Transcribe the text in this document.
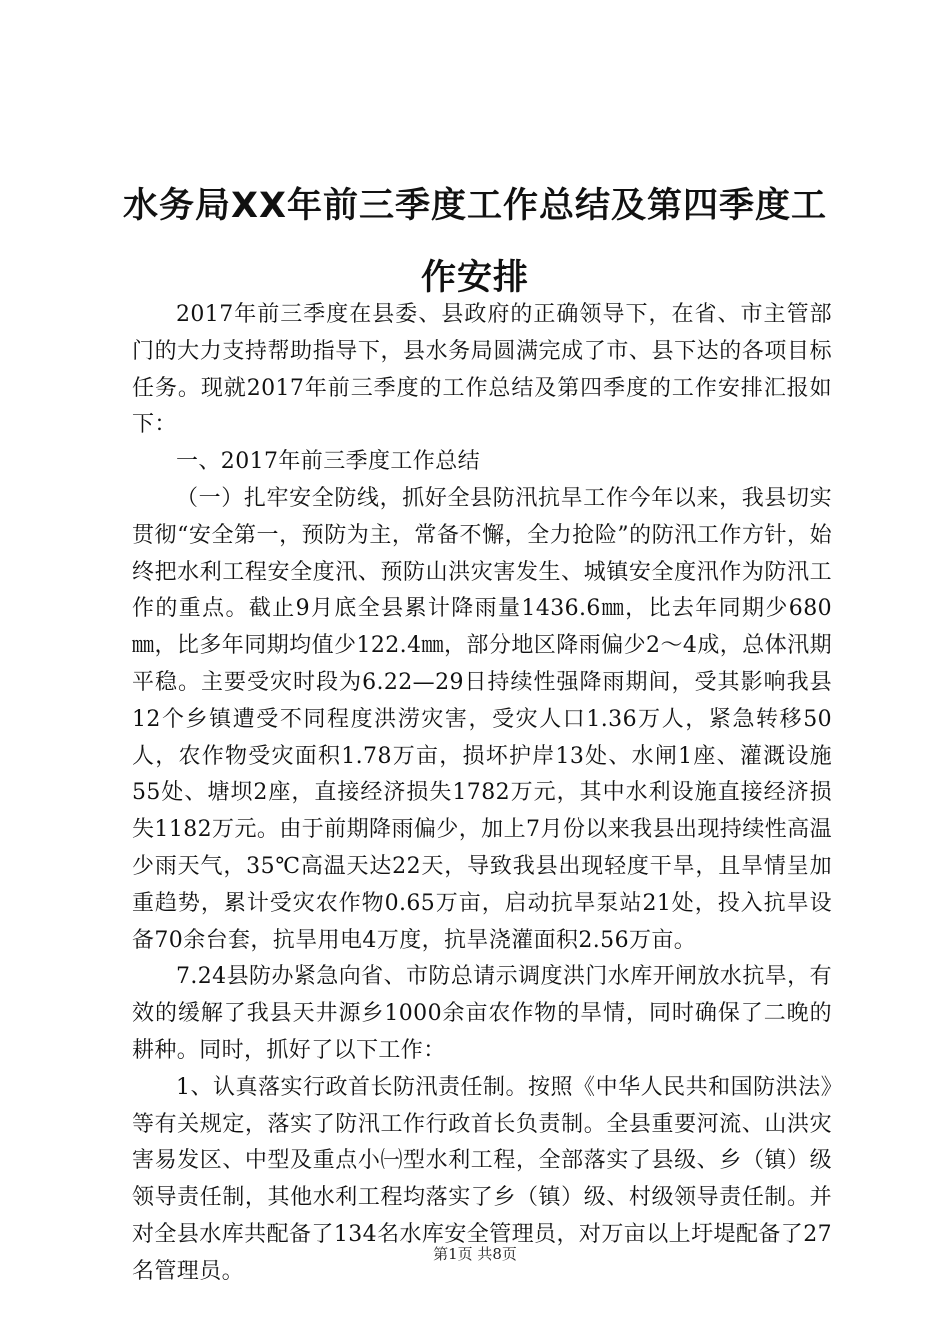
水务局XX年前三季度工作总结及第四季度工作安排

2017年前三季度在县委、县政府的正确领导下，在省、市主管部门的大力支持帮助指导下，县水务局圆满完成了市、县下达的各项目标任务。现就2017年前三季度的工作总结及第四季度的工作安排汇报如下：

一、2017年前三季度工作总结

（一）扎牢安全防线，抓好全县防汛抗旱工作今年以来，我县切实贯彻“安全第一，预防为主，常备不懈，全力抢险”的防汛工作方针，始终把水利工程安全度汛、预防山洪灾害发生、城镇安全度汛作为防汛工作的重点。截止9月底全县累计降雨量1436.6㎜，比去年同期少680㎜，比多年同期均值少122.4㎜，部分地区降雨偏少2～4成，总体汛期平稳。主要受灾时段为6.22—29日持续性强降雨期间，受其影响我县12个乡镇遭受不同程度洪涝灾害，受灾人口1.36万人，紧急转移50人，农作物受灾面积1.78万亩，损坏护岸13处、水闸1座、灌溉设施55处、塘坝2座，直接经济损失1782万元，其中水利设施直接经济损失1182万元。由于前期降雨偏少，加上7月份以来我县出现持续性高温少雨天气，35℃高温天达22天，导致我县出现轻度干旱，且旱情呈加重趋势，累计受灾农作物0.65万亩，启动抗旱泵站21处，投入抗旱设备70余台套，抗旱用电4万度，抗旱浇灌面积2.56万亩。

7.24县防办紧急向省、市防总请示调度洪门水库开闸放水抗旱，有效的缓解了我县天井源乡1000余亩农作物的旱情，同时确保了二晚的耕种。同时，抓好了以下工作：

1、认真落实行政首长防汛责任制。按照《中华人民共和国防洪法》等有关规定，落实了防汛工作行政首长负责制。全县重要河流、山洪灾害易发区、中型及重点小㈠型水利工程，全部落实了县级、乡（镇）级领导责任制，其他水利工程均落实了乡（镇）级、村级领导责任制。并对全县水库共配备了134名水库安全管理员，对万亩以上圩堤配备了27名管理员。

第1页 共8页
